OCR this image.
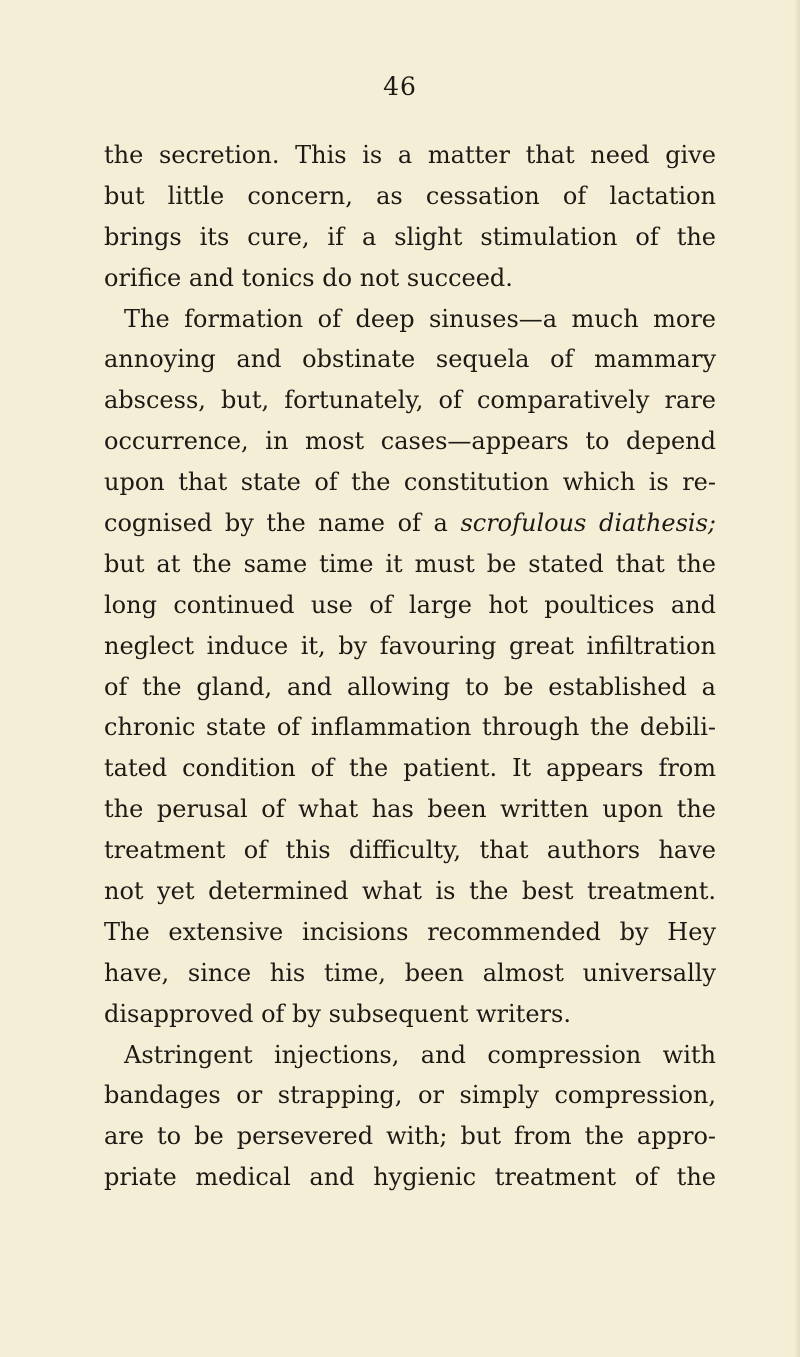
46
the secretion. This is a matter that need give
but little concern, as cessation of lactation
brings its cure, if a slight stimulation of the
orifice and tonics do not succeed.
The formation of deep sinuses—a much more
annoying and obstinate sequela of mammary
abscess, but, fortunately, of comparatively rare
occurrence, in most cases—appears to depend
upon that state of the constitution which is re-
cognised by the name of a scrofulous diathesis;
but at the same time it must be stated that the
long continued use of large hot poultices and
neglect induce it, by favouring great infiltration
of the gland, and allowing to be established a
chronic state of inflammation through the debili-
tated condition of the patient. It appears from
the perusal of what has been written upon the
treatment of this difficulty, that authors have
not yet determined what is the best treatment.
The extensive incisions recommended by Hey
have, since his time, been almost universally
disapproved of by subsequent writers.
Astringent injections, and compression with
bandages or strapping, or simply compression,
are to be persevered with; but from the appro-
priate medical and hygienic treatment of the
